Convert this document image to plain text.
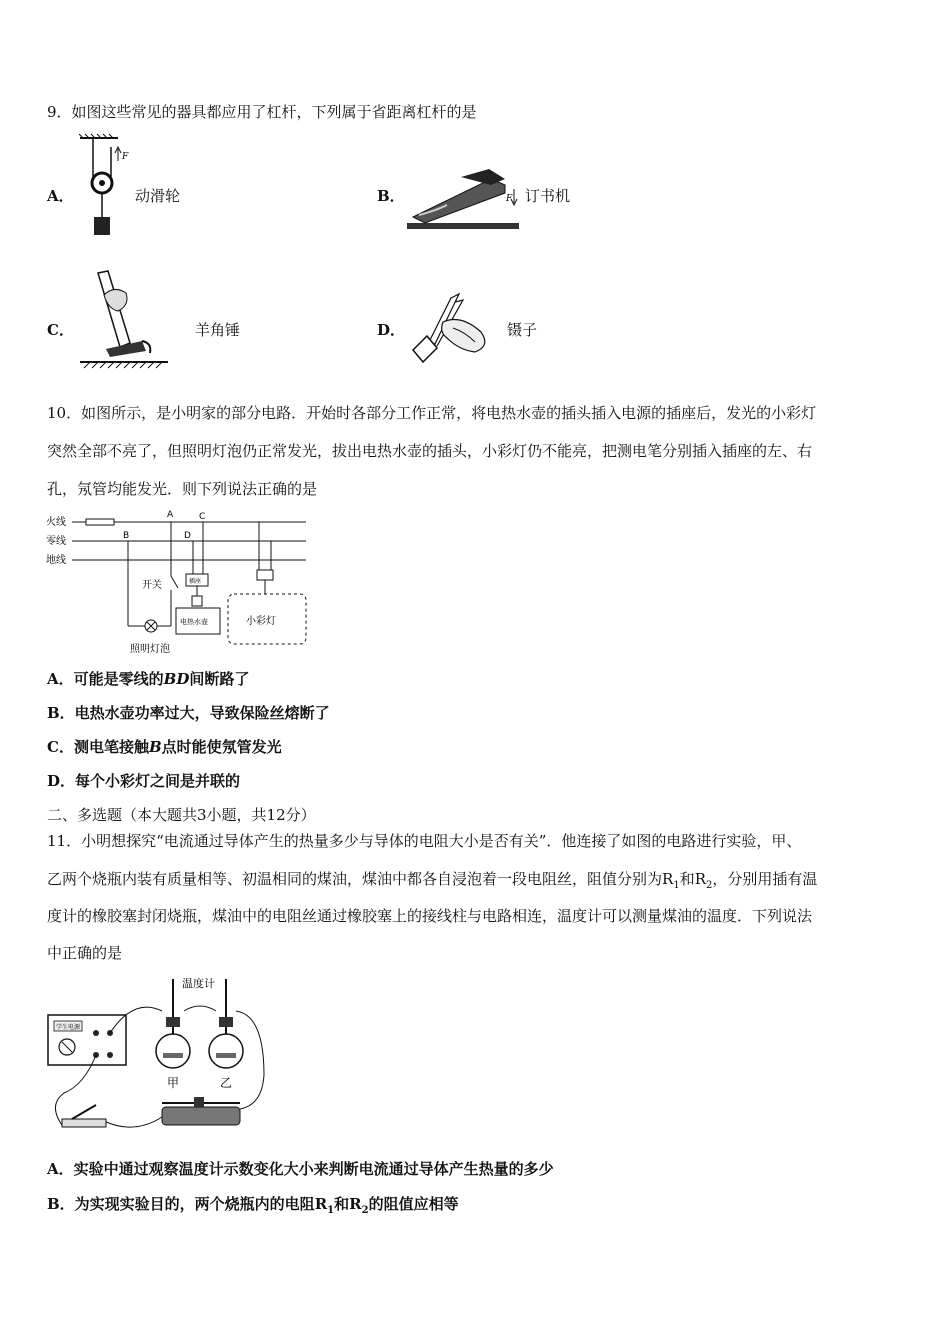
9．如图这些常见的器具都应用了杠杆，下列属于省距离杠杆的是
A．
F
动滑轮	B．	F 订书机
C．	羊角锤	D．	镊子
10．如图所示，是小明家的部分电路．开始时各部分工作正常，将电热水壶的插头插入电源的插座后，发光的小彩灯
突然全部不亮了，但照明灯泡仍正常发光，拔出电热水壶的插头，小彩灯仍不能亮，把测电笔分别插入插座的左、右
孔，氖管均能发光．则下列说法正确的是
火线
零线
地线
A	C
B	D
开关
照明灯泡
插座
电热水壶	小彩灯
A．可能是零线的BD间断路了
B．电热水壶功率过大，导致保险丝熔断了
C．测电笔接触B点时能使氖管发光
D．每个小彩灯之间是并联的
二、多选题（本大题共3小题，共12分）
11．小明想探究“电流通过导体产生的热量多少与导体的电阻大小是否有关”．他连接了如图的电路进行实验，甲、
乙两个烧瓶内装有质量相等、初温相同的煤油，煤油中都各自浸泡着一段电阻丝，阻值分别为$R_1$和$R_2$，分别用插有温
度计的橡胶塞封闭烧瓶，煤油中的电阻丝通过橡胶塞上的接线柱与电路相连，温度计可以测量煤油的温度．下列说法
中正确的是
学生电源
温度计
甲	乙
A．实验中通过观察温度计示数变化大小来判断电流通过导体产生热量的多少
B．为实现实验目的，两个烧瓶内的电阻$R_1$和$R_2$的阻值应相等
